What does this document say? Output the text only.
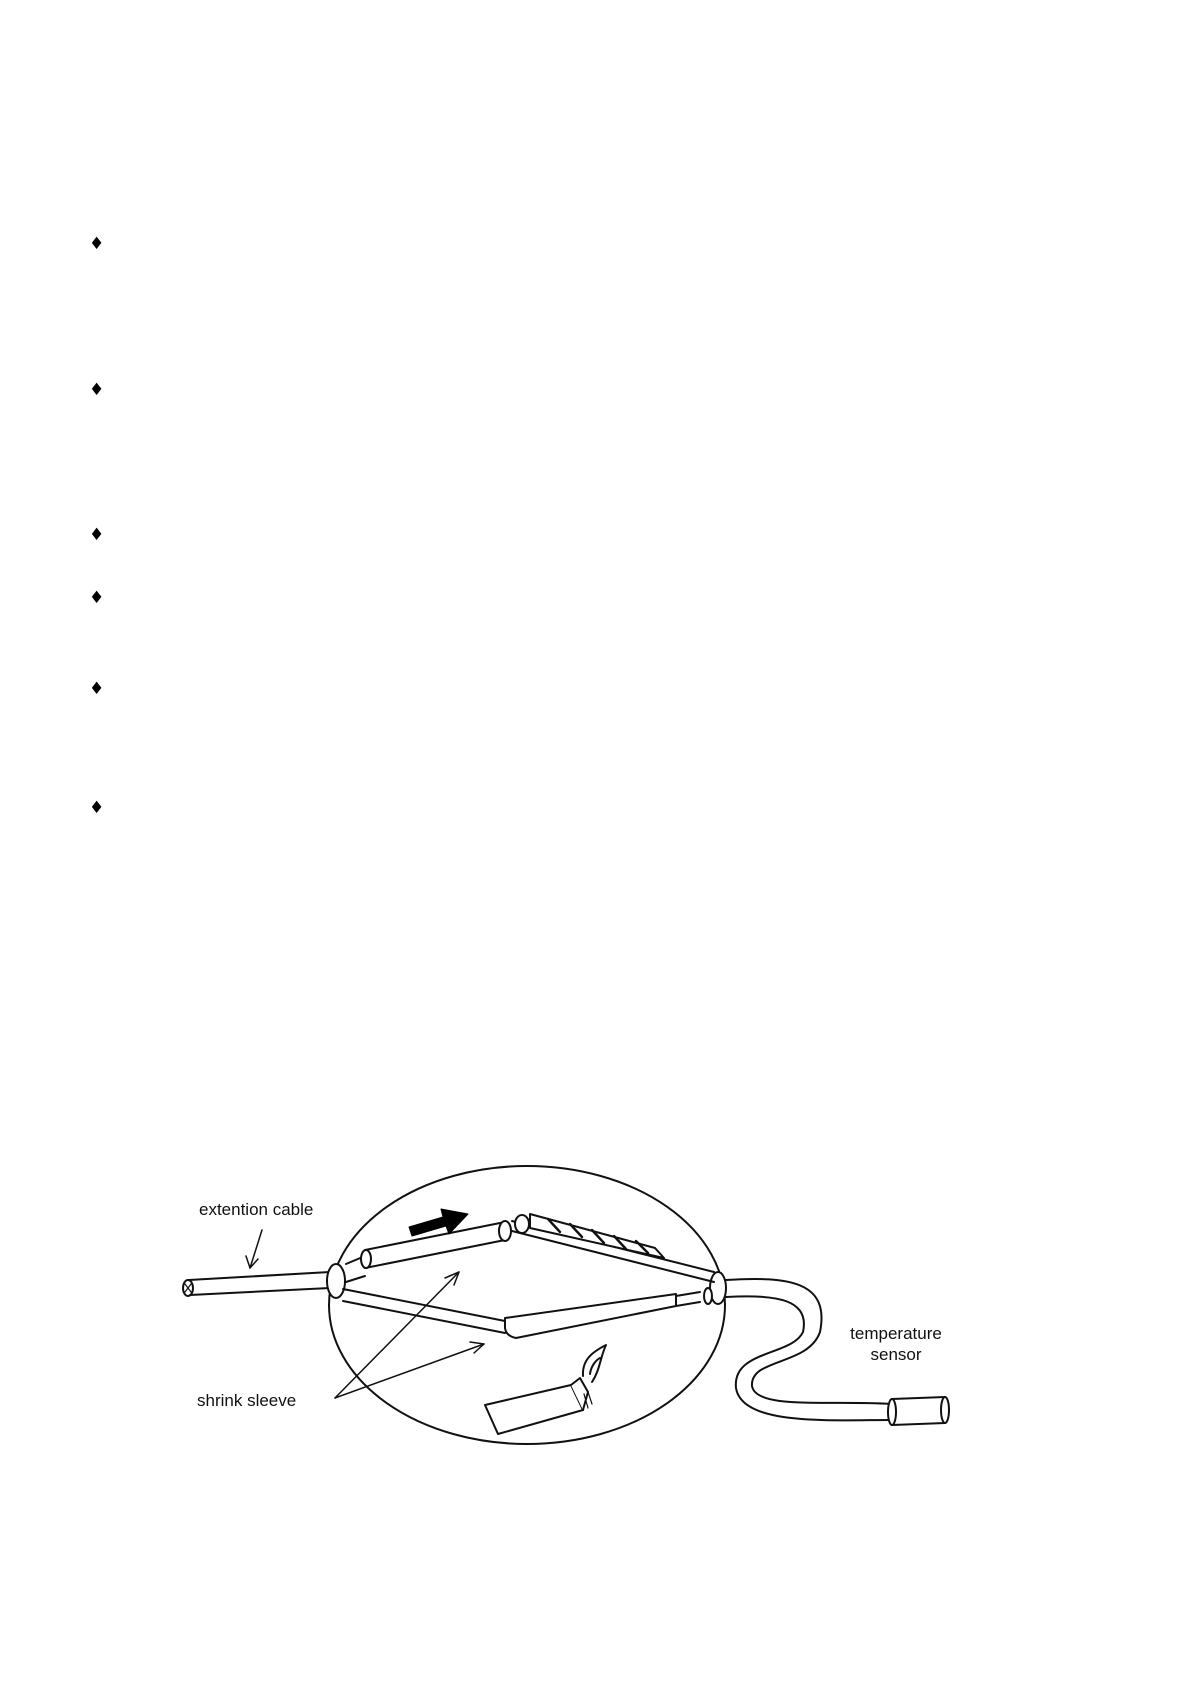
♦
♦
♦
♦
♦
♦
extention cable
shrink sleeve
temperature
sensor
